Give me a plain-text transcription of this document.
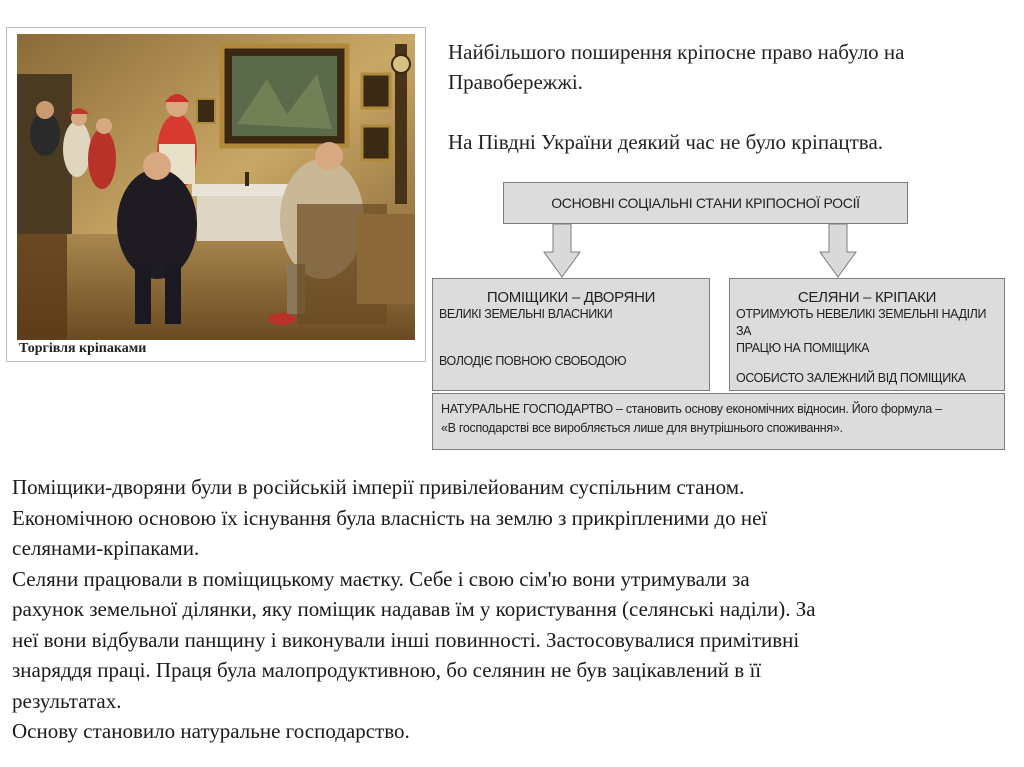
Торгівля кріпаками

Найбільшого поширення кріпосне право набуло на Правобережжі.

На Півдні України деякий час не було кріпацтва.

ОСНОВНІ СОЦІАЛЬНІ СТАНИ КРІПОСНОЇ РОСІЇ
ПОМІЩИКИ – ДВОРЯНИ
ВЕЛИКІ ЗЕМЕЛЬНІ ВЛАСНИКИ
ВОЛОДІЄ ПОВНОЮ СВОБОДОЮ
СЕЛЯНИ – КРІПАКИ
ОТРИМУЮТЬ НЕВЕЛИКІ ЗЕМЕЛЬНІ НАДІЛИ ЗА
ПРАЦЮ НА ПОМІЩИКА
ОСОБИСТО ЗАЛЕЖНИЙ ВІД ПОМІЩИКА
НАТУРАЛЬНЕ ГОСПОДАРТВО – становить основу економічних відносин. Його формула –
«В господарстві все виробляється лише для внутрішнього споживання».

Поміщики-дворяни були в російській імперії привілейованим суспільним станом.

Економічною основою їх існування була власність на землю з прикріпленими до неї

селянами-кріпаками.

Селяни працювали в поміщицькому маєтку. Себе і свою сім'ю вони утримували за

рахунок земельної ділянки, яку поміщик надавав їм у користування (селянські наділи). За

неї вони відбували панщину і виконували інші повинності. Застосовувалися примітивні

знаряддя праці. Праця була малопродуктивною, бо селянин не був зацікавлений в її

результатах.

Основу становило натуральне господарство.
